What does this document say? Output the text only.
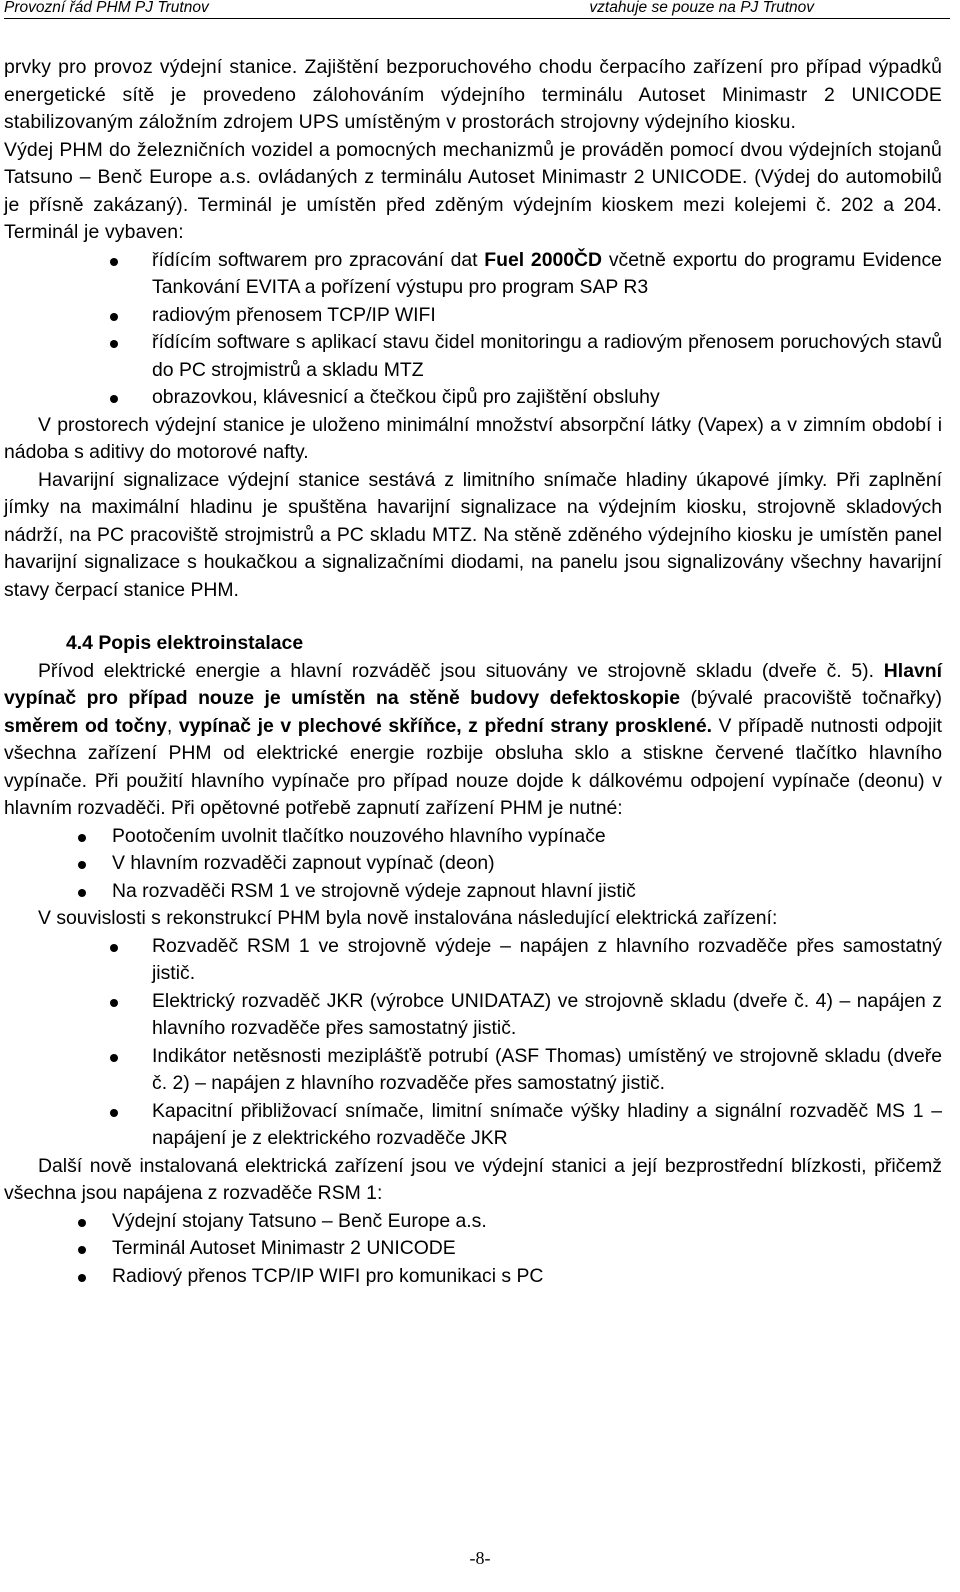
Provozní řád PHM PJ Trutnov	vztahuje se pouze na PJ Trutnov

prvky pro provoz výdejní stanice. Zajištění bezporuchového chodu čerpacího zařízení pro případ výpadků energetické sítě je provedeno zálohováním výdejního terminálu Autoset Minimastr 2 UNICODE stabilizovaným záložním zdrojem UPS umístěným v prostorách strojovny výdejního kiosku.

Výdej PHM do železničních vozidel a pomocných mechanizmů je prováděn pomocí dvou výdejních stojanů Tatsuno – Benč Europe a.s. ovládaných z terminálu Autoset Minimastr 2 UNICODE. (Výdej do automobilů je přísně zakázaný). Terminál je umístěn před zděným výdejním kioskem mezi kolejemi č. 202 a 204. Terminál je vybaven:

řídícím softwarem pro zpracování dat Fuel 2000ČD včetně exportu do programu Evidence Tankování EVITA a pořízení výstupu pro program SAP R3
radiovým přenosem TCP/IP WIFI
řídícím software s aplikací stavu čidel monitoringu a radiovým přenosem poruchových stavů do PC strojmistrů a skladu MTZ
obrazovkou, klávesnicí a čtečkou čipů pro zajištění obsluhy

V prostorech výdejní stanice je uloženo minimální množství absorpční látky (Vapex) a v zimním období i nádoba s aditivy do motorové nafty.

Havarijní signalizace výdejní stanice sestává z limitního snímače hladiny úkapové jímky. Při zaplnění jímky na maximální hladinu je spuštěna havarijní signalizace na výdejním kiosku, strojovně skladových nádrží, na PC pracoviště strojmistrů a PC skladu MTZ. Na stěně zděného výdejního kiosku je umístěn panel havarijní signalizace s houkačkou a signalizačními diodami, na panelu jsou signalizovány všechny havarijní stavy čerpací stanice PHM.

4.4 Popis elektroinstalace

Přívod elektrické energie a hlavní rozváděč jsou situovány ve strojovně skladu (dveře č. 5). Hlavní vypínač pro případ nouze je umístěn na stěně budovy defektoskopie (bývalé pracoviště točnařky) směrem od točny, vypínač je v plechové skříňce, z přední strany prosklené. V případě nutnosti odpojit všechna zařízení PHM od elektrické energie rozbije obsluha sklo a stiskne červené tlačítko hlavního vypínače. Při použití hlavního vypínače pro případ nouze dojde k dálkovému odpojení vypínače (deonu) v hlavním rozvaděči. Při opětovné potřebě zapnutí zařízení PHM je nutné:

Pootočením uvolnit tlačítko nouzového hlavního vypínače
V hlavním rozvaděči zapnout vypínač (deon)
Na rozvaděči RSM 1 ve strojovně výdeje zapnout hlavní jistič

V souvislosti s rekonstrukcí PHM byla nově instalována následující elektrická zařízení:

Rozvaděč RSM 1 ve strojovně výdeje – napájen z hlavního rozvaděče přes samostatný jistič.
Elektrický rozvaděč JKR (výrobce UNIDATAZ) ve strojovně skladu (dveře č. 4) – napájen z hlavního rozvaděče přes samostatný jistič.
Indikátor netěsnosti meziplášťě potrubí (ASF Thomas) umístěný ve strojovně skladu (dveře č. 2) – napájen z hlavního rozvaděče přes samostatný jistič.
Kapacitní přibližovací snímače, limitní snímače výšky hladiny a signální rozvaděč MS 1 – napájení je z elektrického rozvaděče JKR

Další nově instalovaná elektrická zařízení jsou ve výdejní stanici a její bezprostřední blízkosti, přičemž všechna jsou napájena z rozvaděče RSM 1:

Výdejní stojany Tatsuno – Benč Europe a.s.
Terminál Autoset Minimastr 2 UNICODE
Radiový přenos TCP/IP WIFI pro komunikaci s PC
-8-
